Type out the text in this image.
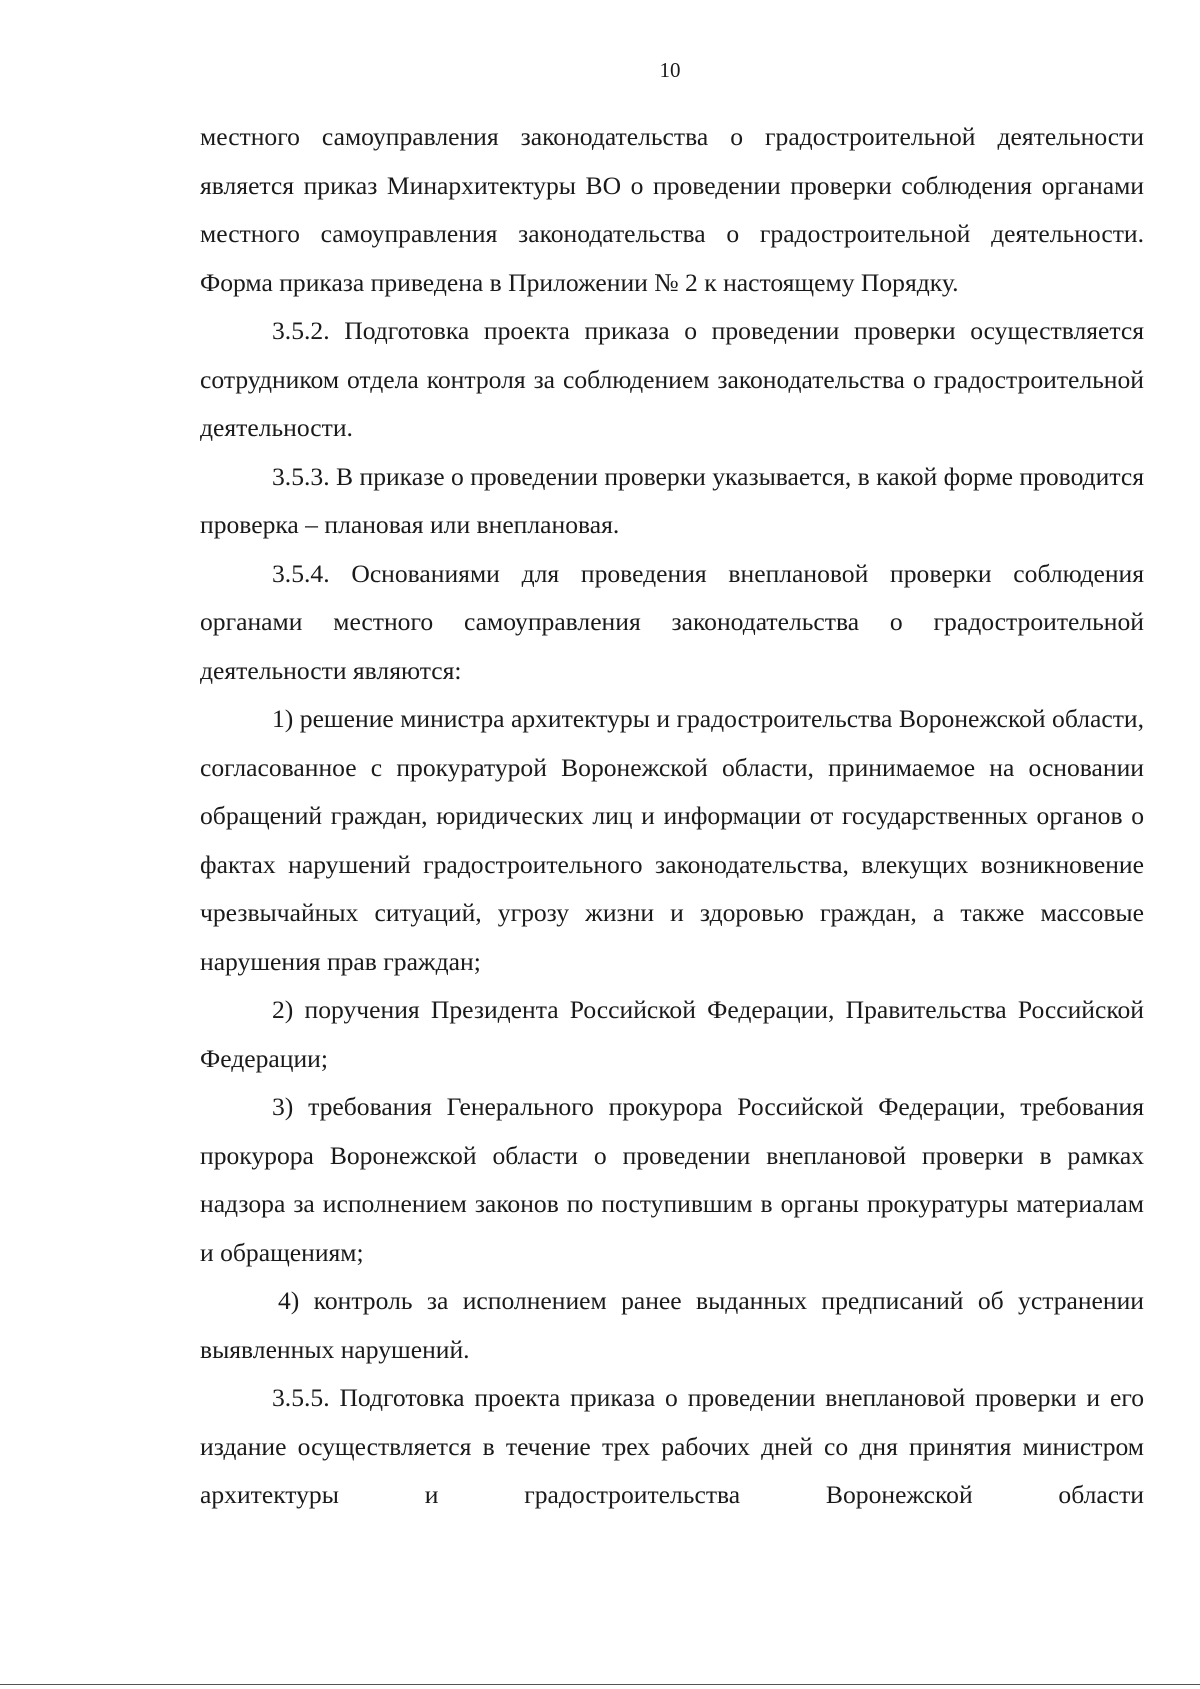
10

местного самоуправления законодательства о градостроительной деятельности является приказ Минархитектуры ВО о проведении проверки соблюдения органами местного самоуправления законодательства о градостроительной деятельности. Форма приказа приведена в Приложении № 2 к настоящему Порядку.

3.5.2. Подготовка проекта приказа о проведении проверки осуществляется сотрудником отдела контроля за соблюдением законодательства о градостроительной деятельности.

3.5.3. В приказе о проведении проверки указывается, в какой форме проводится проверка – плановая или внеплановая.

3.5.4. Основаниями для проведения внеплановой проверки соблюдения органами местного самоуправления законодательства о градостроительной деятельности являются:

1) решение министра архитектуры и градостроительства Воронежской области, согласованное с прокуратурой Воронежской области, принимаемое на основании обращений граждан, юридических лиц и информации от государственных органов о фактах нарушений градостроительного законодательства, влекущих возникновение чрезвычайных ситуаций, угрозу жизни и здоровью граждан, а также массовые нарушения прав граждан;

2) поручения Президента Российской Федерации, Правительства Российской Федерации;

3) требования Генерального прокурора Российской Федерации, требования прокурора Воронежской области о проведении внеплановой проверки в рамках надзора за исполнением законов по поступившим в органы прокуратуры материалам и обращениям;

4) контроль за исполнением ранее выданных предписаний об устранении выявленных нарушений.

3.5.5. Подготовка проекта приказа о проведении внеплановой проверки и его издание осуществляется в течение трех рабочих дней со дня принятия министром архитектуры и градостроительства Воронежской области
